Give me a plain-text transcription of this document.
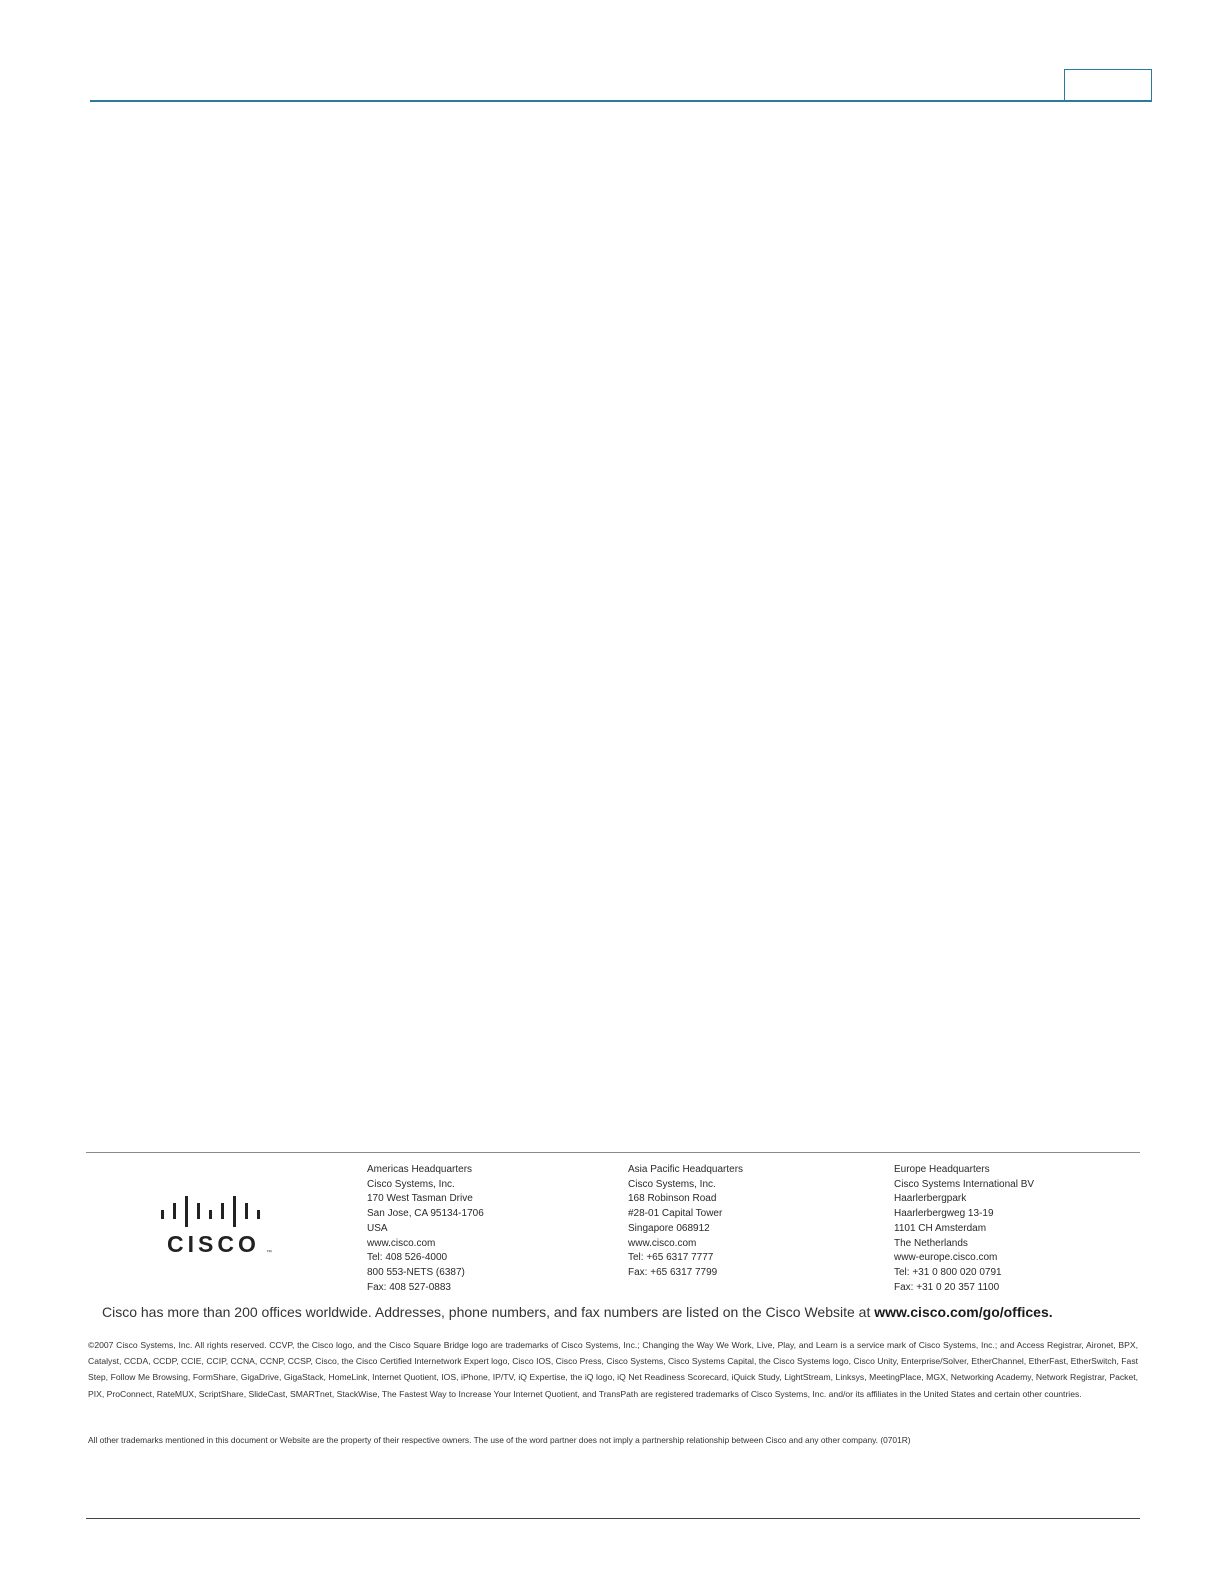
CISCO ™
Americas Headquarters
Cisco Systems, Inc.
170 West Tasman Drive
San Jose, CA 95134-1706
USA
www.cisco.com
Tel: 408 526-4000
800 553-NETS (6387)
Fax: 408 527-0883
Asia Pacific Headquarters
Cisco Systems, Inc.
168 Robinson Road
#28-01 Capital Tower
Singapore 068912
www.cisco.com
Tel: +65 6317 7777
Fax: +65 6317 7799
Europe Headquarters
Cisco Systems International BV
Haarlerbergpark
Haarlerbergweg 13-19
1101 CH Amsterdam
The Netherlands
www-europe.cisco.com
Tel: +31 0 800 020 0791
Fax: +31 0 20 357 1100
Cisco has more than 200 offices worldwide. Addresses, phone numbers, and fax numbers are listed on the Cisco Website at www.cisco.com/go/offices.
©2007 Cisco Systems, Inc. All rights reserved. CCVP, the Cisco logo, and the Cisco Square Bridge logo are trademarks of Cisco Systems, Inc.; Changing the Way We Work, Live, Play, and Learn is a service mark of Cisco Systems, Inc.; and Access Registrar, Aironet, BPX, Catalyst, CCDA, CCDP, CCIE, CCIP, CCNA, CCNP, CCSP, Cisco, the Cisco Certified Internetwork Expert logo, Cisco IOS, Cisco Press, Cisco Systems, Cisco Systems Capital, the Cisco Systems logo, Cisco Unity, Enterprise/Solver, EtherChannel, EtherFast, EtherSwitch, Fast Step, Follow Me Browsing, FormShare, GigaDrive, GigaStack, HomeLink, Internet Quotient, IOS, iPhone, IP/TV, iQ Expertise, the iQ logo, iQ Net Readiness Scorecard, iQuick Study, LightStream, Linksys, MeetingPlace, MGX, Networking Academy, Network Registrar, Packet, PIX, ProConnect, RateMUX, ScriptShare, SlideCast, SMARTnet, StackWise, The Fastest Way to Increase Your Internet Quotient, and TransPath are registered trademarks of Cisco Systems, Inc. and/or its affiliates in the United States and certain other countries.
All other trademarks mentioned in this document or Website are the property of their respective owners. The use of the word partner does not imply a partnership relationship between Cisco and any other company. (0701R)
